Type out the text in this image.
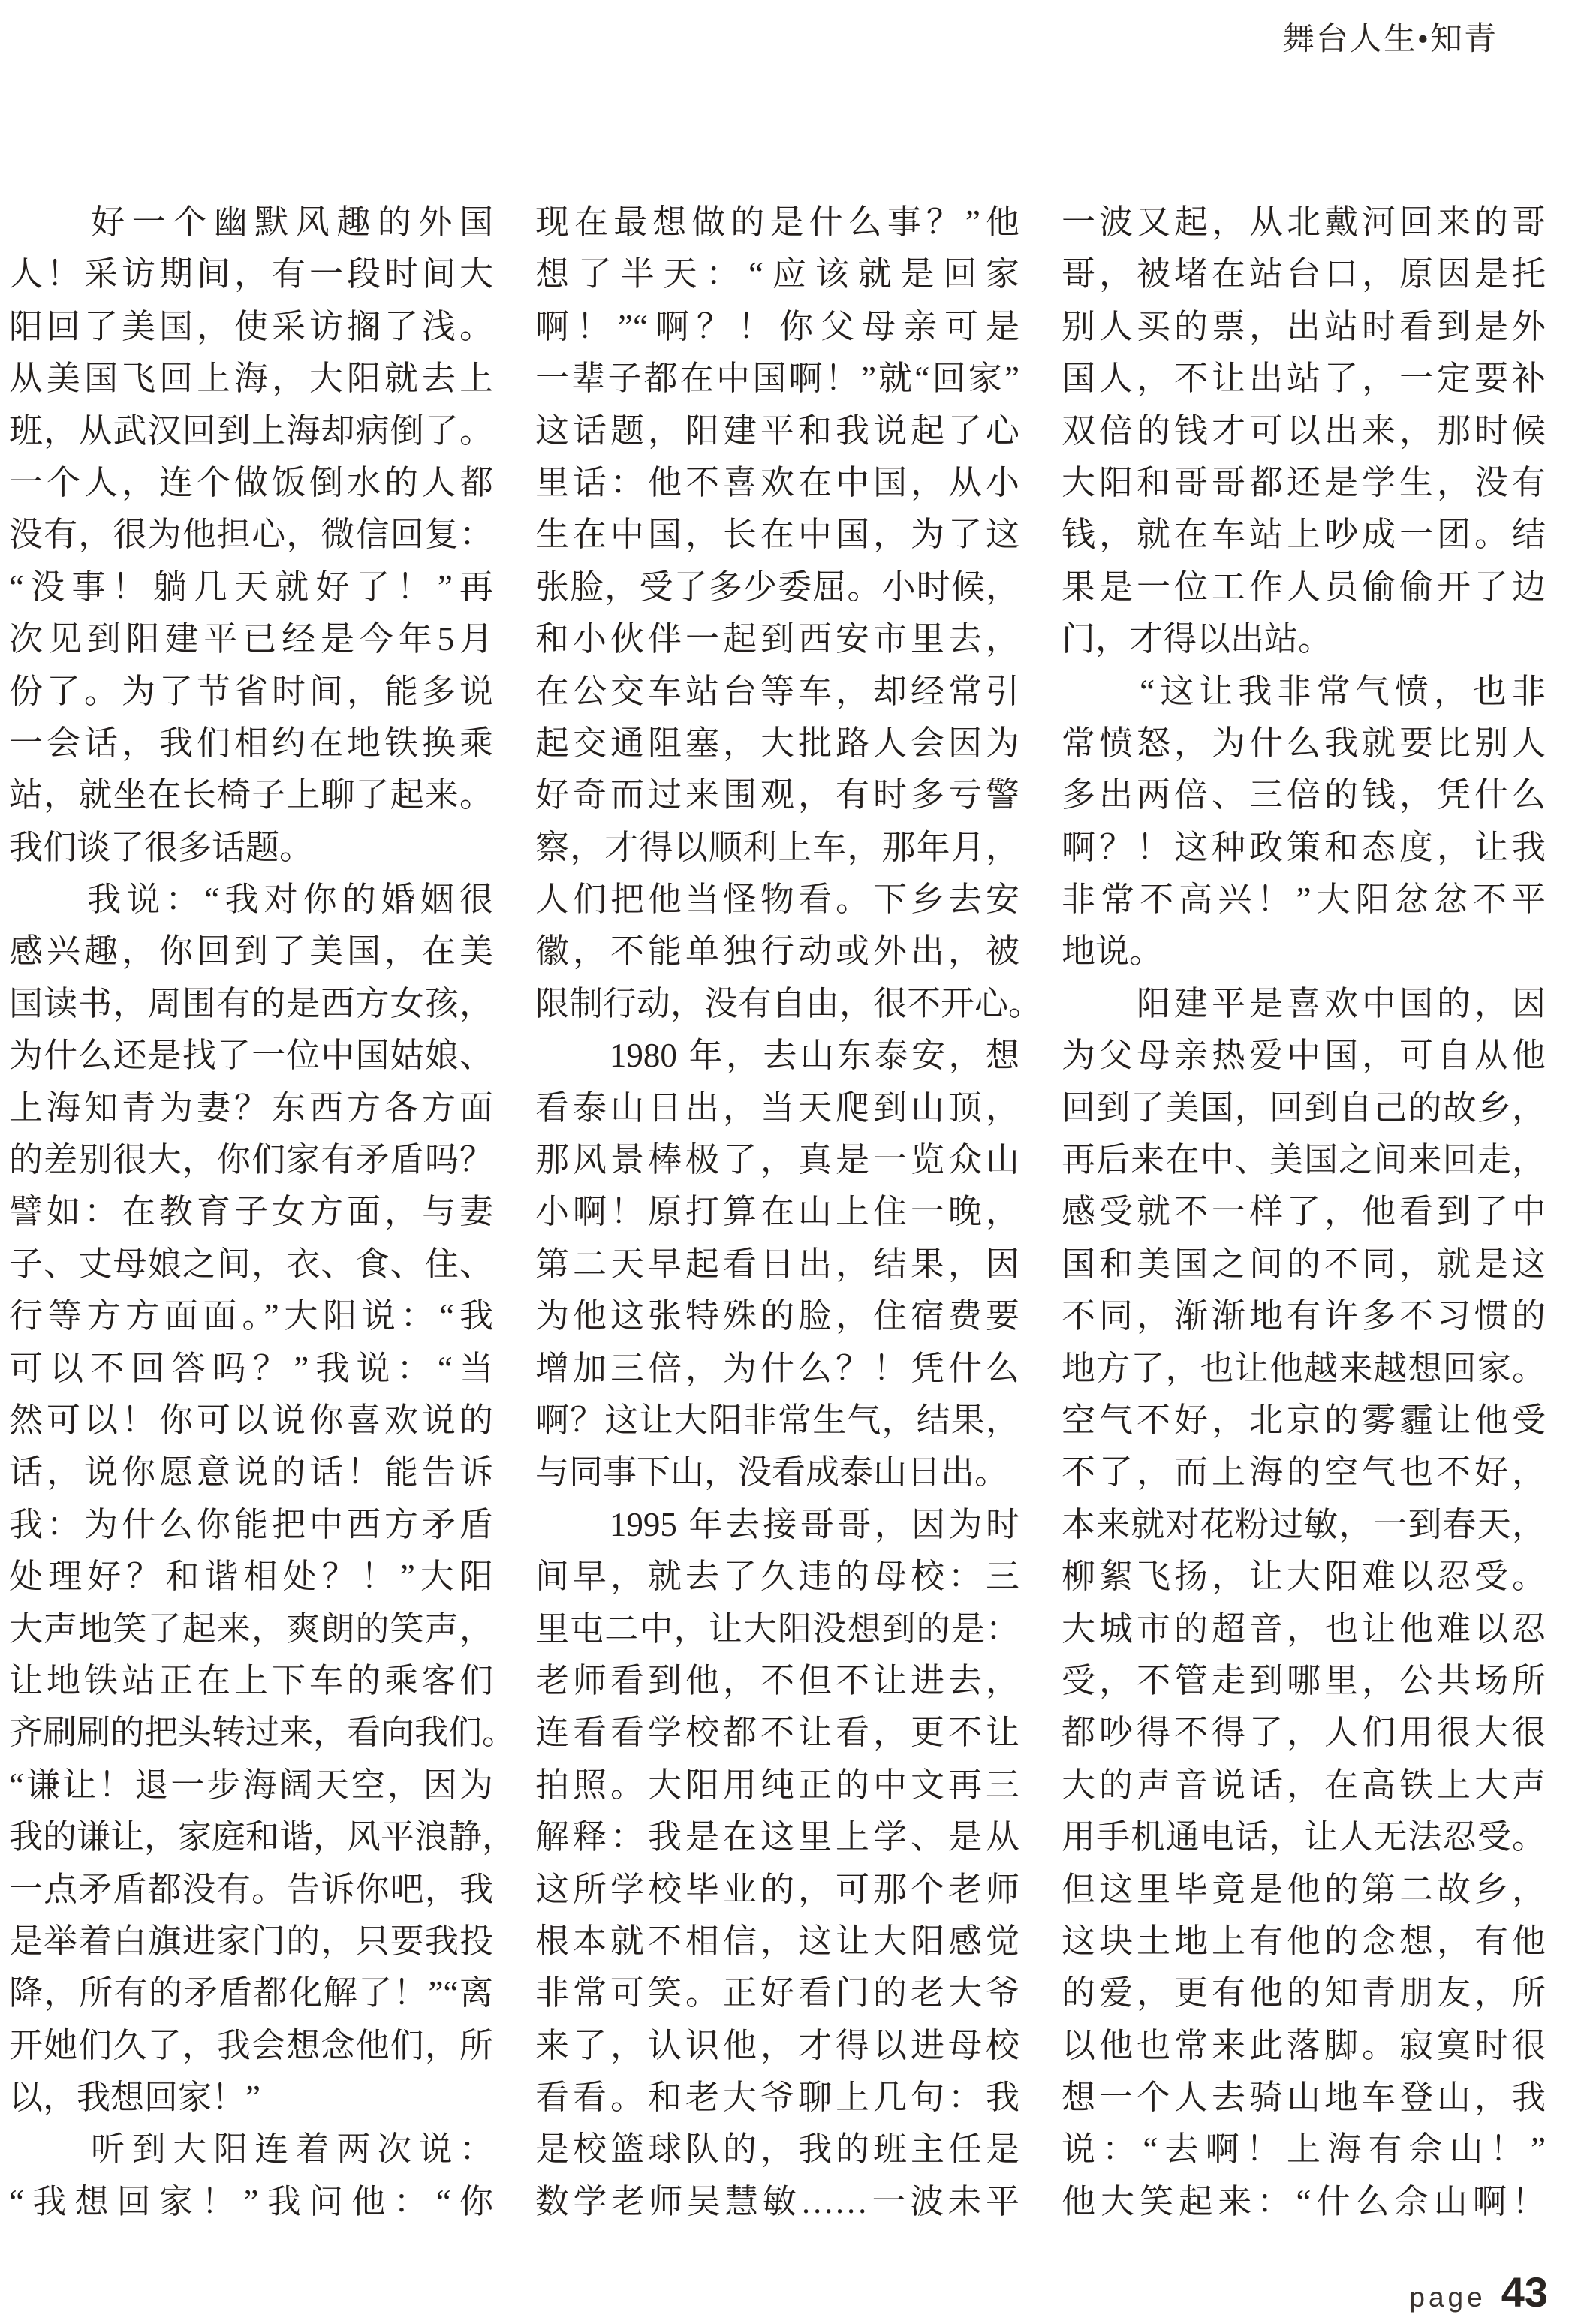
舞台人生•知青
　　好一个幽默风趣的外国
人！采访期间，有一段时间大
阳回了美国，使采访搁了浅。
从美国飞回上海，大阳就去上
班，从武汉回到上海却病倒了。
一个人，连个做饭倒水的人都
没有，很为他担心，微信回复：
“没事！躺几天就好了！”再
次见到阳建平已经是今年5月
份了。为了节省时间，能多说
一会话，我们相约在地铁换乘
站，就坐在长椅子上聊了起来。
我们谈了很多话题。
　　我说：“我对你的婚姻很
感兴趣，你回到了美国，在美
国读书，周围有的是西方女孩，
为什么还是找了一位中国姑娘、
上海知青为妻？东西方各方面
的差别很大，你们家有矛盾吗？
譬如：在教育子女方面，与妻
子、丈母娘之间，衣、食、住、
行等方方面面。”大阳说：“我
可以不回答吗？”我说：“当
然可以！你可以说你喜欢说的
话，说你愿意说的话！能告诉
我：为什么你能把中西方矛盾
处理好？和谐相处？！”大阳
大声地笑了起来，爽朗的笑声，
让地铁站正在上下车的乘客们
齐刷刷的把头转过来，看向我们。
“谦让！退一步海阔天空，因为
我的谦让，家庭和谐，风平浪静，
一点矛盾都没有。告诉你吧，我
是举着白旗进家门的，只要我投
降，所有的矛盾都化解了！”“离
开她们久了，我会想念他们，所
以，我想回家！”
　　听到大阳连着两次说：
“我想回家！”我问他：“你
现在最想做的是什么事？”他
想了半天：“应该就是回家
啊！”“啊？！你父母亲可是
一辈子都在中国啊！”就“回家”
这话题，阳建平和我说起了心
里话：他不喜欢在中国，从小
生在中国，长在中国，为了这
张脸，受了多少委屈。小时候，
和小伙伴一起到西安市里去，
在公交车站台等车，却经常引
起交通阻塞，大批路人会因为
好奇而过来围观，有时多亏警
察，才得以顺利上车，那年月，
人们把他当怪物看。下乡去安
徽，不能单独行动或外出，被
限制行动，没有自由，很不开心。
　　1980 年，去山东泰安，想
看泰山日出，当天爬到山顶，
那风景棒极了，真是一览众山
小啊！原打算在山上住一晚，
第二天早起看日出，结果，因
为他这张特殊的脸，住宿费要
增加三倍，为什么？！凭什么
啊？这让大阳非常生气，结果，
与同事下山，没看成泰山日出。
　　1995 年去接哥哥，因为时
间早，就去了久违的母校：三
里屯二中，让大阳没想到的是：
老师看到他，不但不让进去，
连看看学校都不让看，更不让
拍照。大阳用纯正的中文再三
解释：我是在这里上学、是从
这所学校毕业的，可那个老师
根本就不相信，这让大阳感觉
非常可笑。正好看门的老大爷
来了，认识他，才得以进母校
看看。和老大爷聊上几句：我
是校篮球队的，我的班主任是
数学老师吴慧敏……一波未平
一波又起，从北戴河回来的哥
哥，被堵在站台口，原因是托
别人买的票，出站时看到是外
国人，不让出站了，一定要补
双倍的钱才可以出来，那时候
大阳和哥哥都还是学生，没有
钱，就在车站上吵成一团。结
果是一位工作人员偷偷开了边
门，才得以出站。
　　“这让我非常气愤，也非
常愤怒，为什么我就要比别人
多出两倍、三倍的钱，凭什么
啊？！这种政策和态度，让我
非常不高兴！”大阳忿忿不平
地说。
　　阳建平是喜欢中国的，因
为父母亲热爱中国，可自从他
回到了美国，回到自己的故乡，
再后来在中、美国之间来回走，
感受就不一样了，他看到了中
国和美国之间的不同，就是这
不同，渐渐地有许多不习惯的
地方了，也让他越来越想回家。
空气不好，北京的雾霾让他受
不了，而上海的空气也不好，
本来就对花粉过敏，一到春天，
柳絮飞扬，让大阳难以忍受。
大城市的超音，也让他难以忍
受，不管走到哪里，公共场所
都吵得不得了，人们用很大很
大的声音说话，在高铁上大声
用手机通电话，让人无法忍受。
但这里毕竟是他的第二故乡，
这块土地上有他的念想，有他
的爱，更有他的知青朋友，所
以他也常来此落脚。寂寞时很
想一个人去骑山地车登山，我
说：“去啊！上海有佘山！”
他大笑起来：“什么佘山啊！
page 43
